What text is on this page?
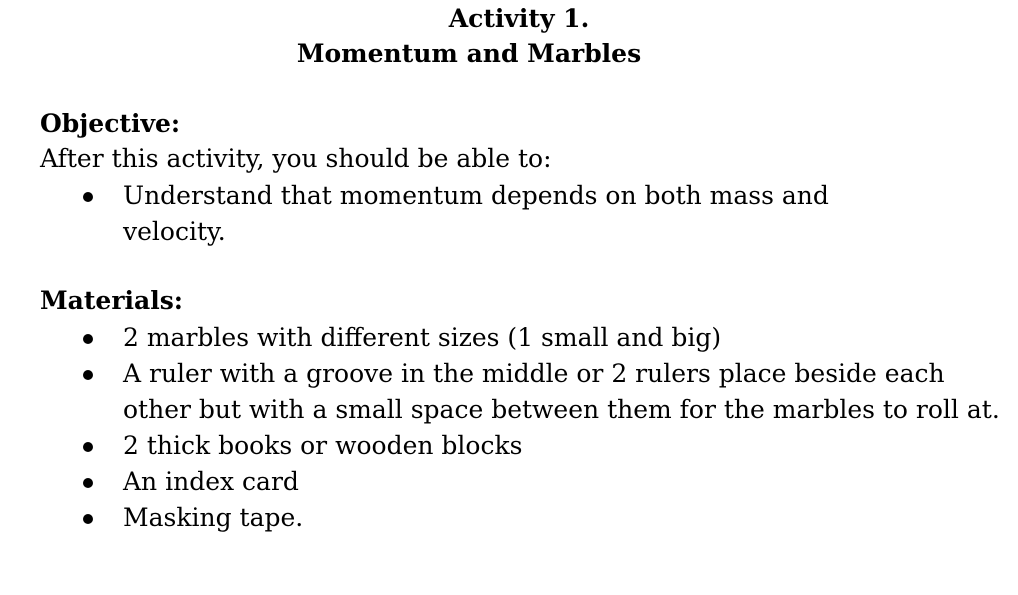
Activity 1.
Momentum and Marbles
Objective:
After this activity, you should be able to:
Understand that momentum depends on both mass and
velocity.
Materials:
2 marbles with different sizes (1 small and big)
A ruler with a groove in the middle or 2 rulers place beside each other but with a small space between them for the marbles to roll at.
2 thick books or wooden blocks
An index card
Masking tape.
